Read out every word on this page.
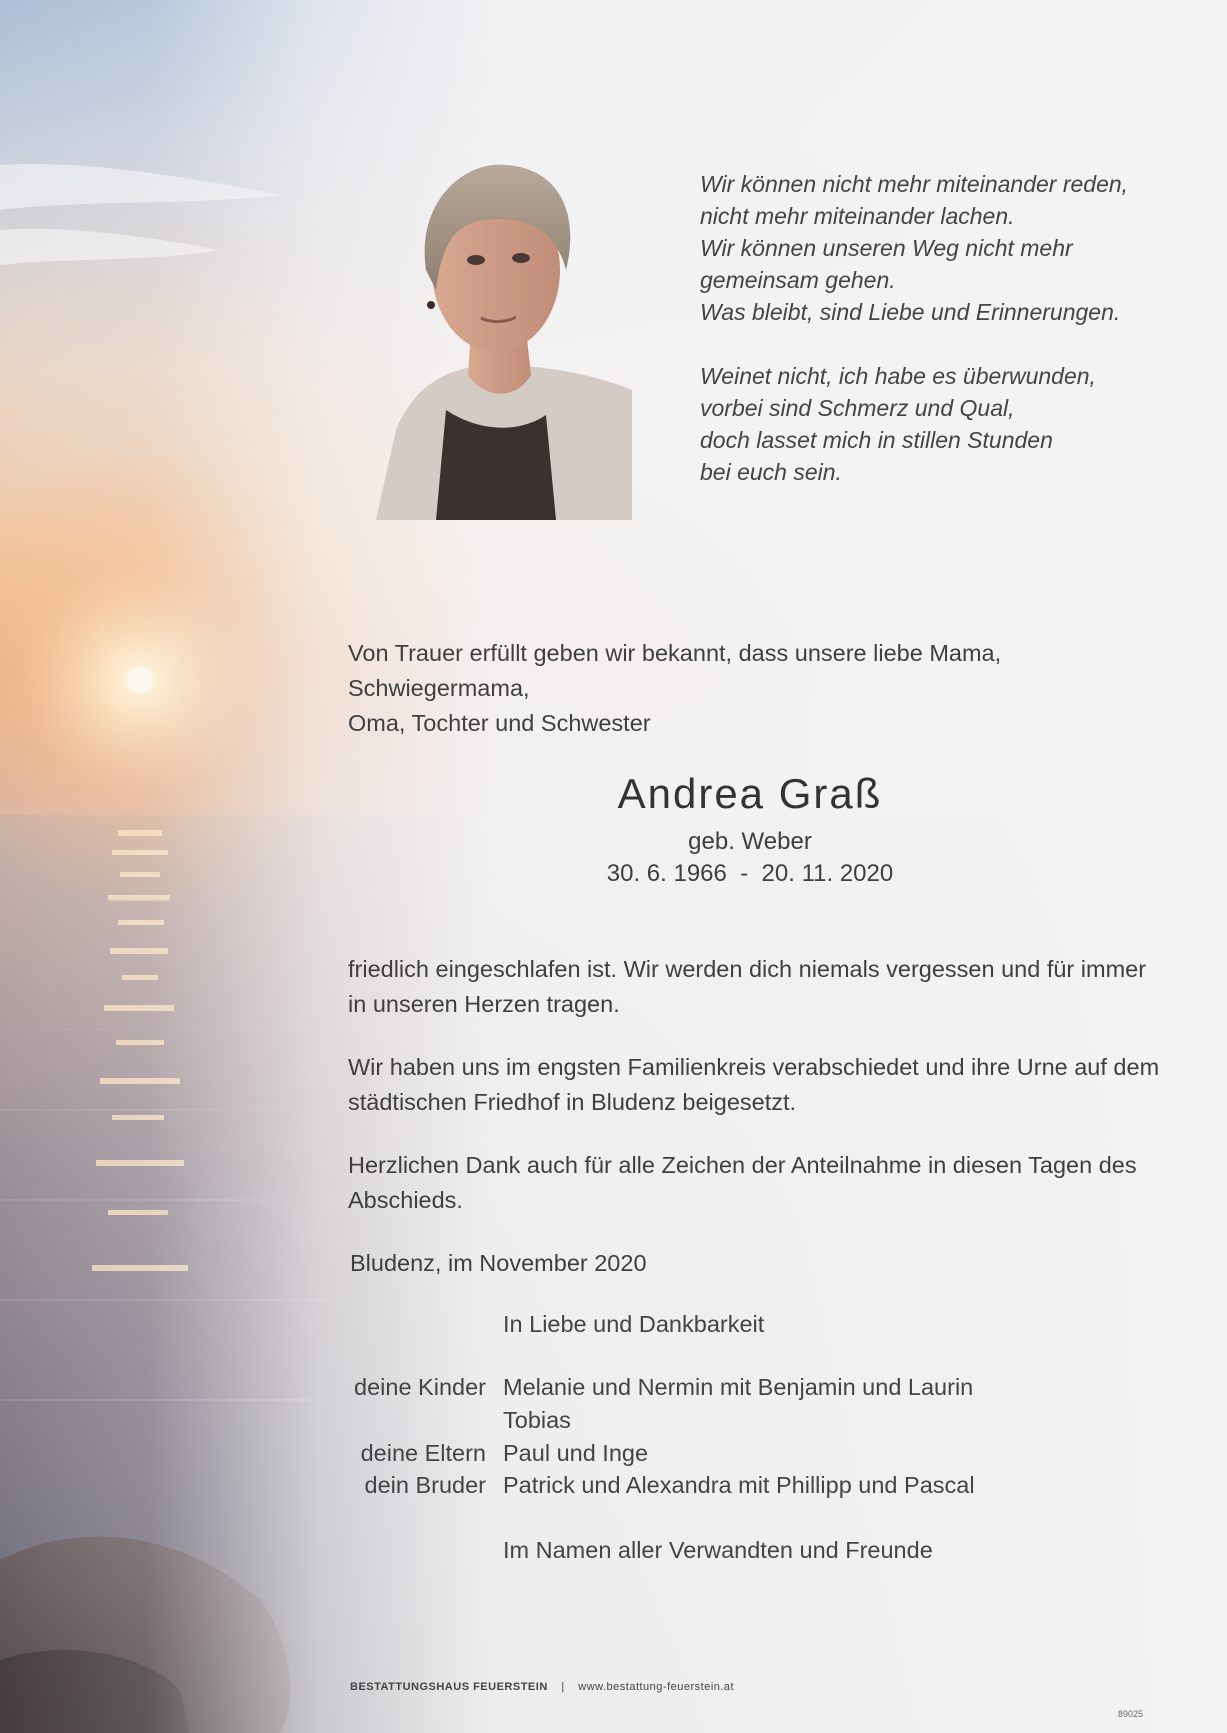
Wir können nicht mehr miteinander reden,
nicht mehr miteinander lachen.
Wir können unseren Weg nicht mehr
gemeinsam gehen.
Was bleibt, sind Liebe und Erinnerungen.

Weinet nicht, ich habe es überwunden,
vorbei sind Schmerz und Qual,
doch lasset mich in stillen Stunden
bei euch sein.

Von Trauer erfüllt geben wir bekannt, dass unsere liebe Mama, Schwiegermama,
Oma, Tochter und Schwester
Andrea Graß
geb. Weber
30. 6. 1966  -  20. 11. 2020
friedlich eingeschlafen ist. Wir werden dich niemals vergessen und für immer
in unseren Herzen tragen.
Wir haben uns im engsten Familienkreis verabschiedet und ihre Urne auf dem
städtischen Friedhof in Bludenz beigesetzt.
Herzlichen Dank auch für alle Zeichen der Anteilnahme in diesen Tagen des
Abschieds.
Bludenz, im November 2020
In Liebe und Dankbarkeit
deine Kinder Melanie und Nermin mit Benjamin und Laurin
Tobias
deine Eltern Paul und Inge
dein Bruder Patrick und Alexandra mit Phillipp und Pascal
Im Namen aller Verwandten und Freunde
BESTATTUNGSHAUS FEUERSTEIN | www.bestattung-feuerstein.at
89025
